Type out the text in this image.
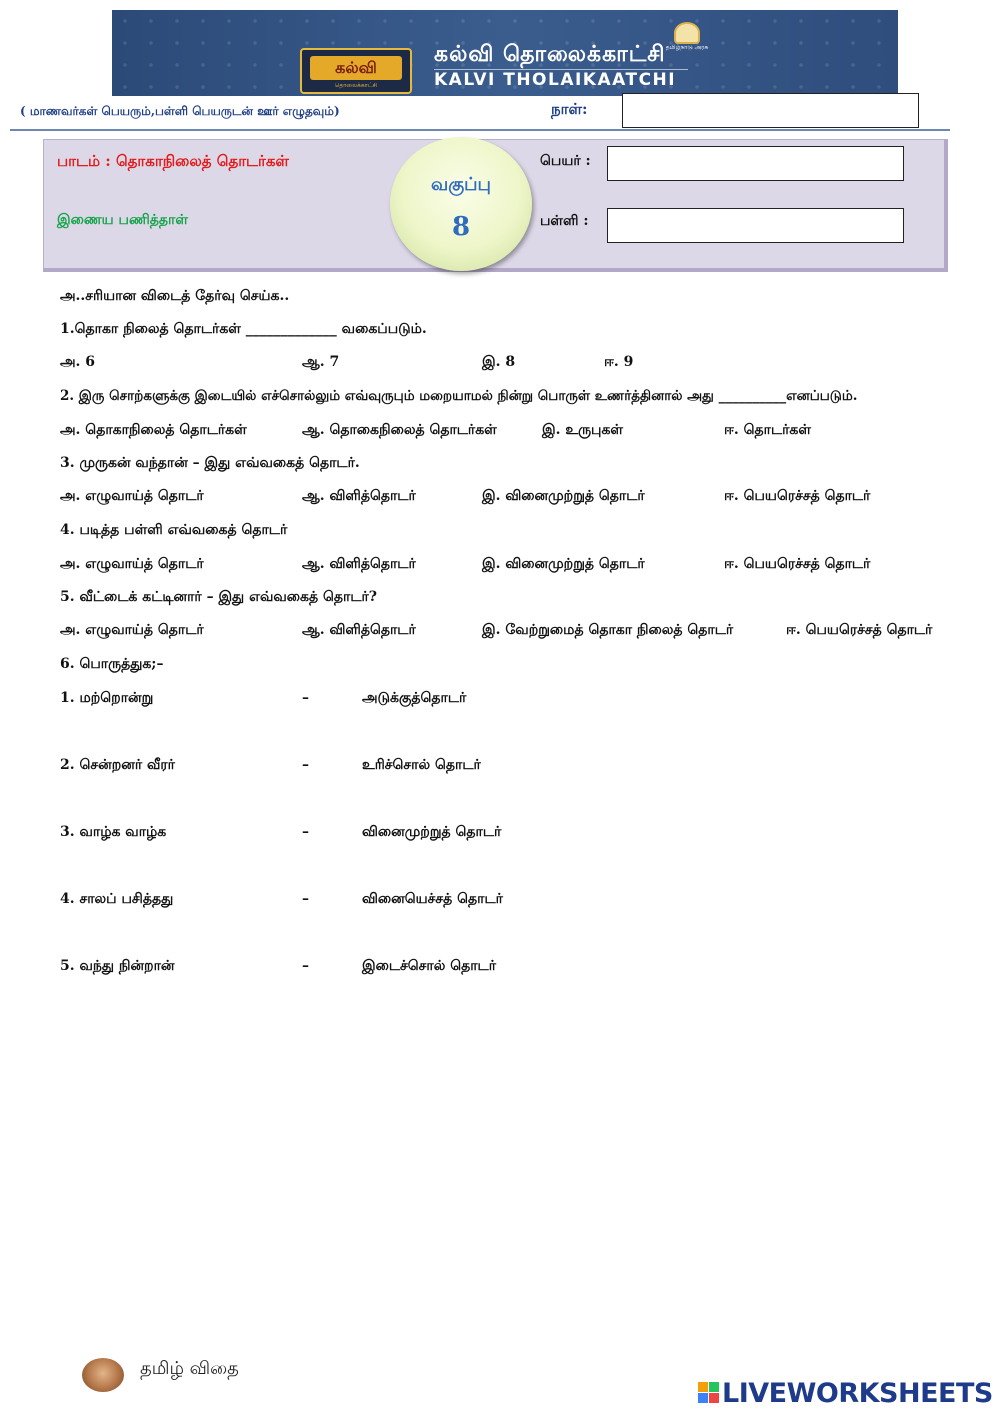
தமிழ்நாடு அரசு
கல்வி
தொலைக்காட்சி
கல்வி தொலைக்காட்சி
KALVI THOLAIKAATCHI
( மாணவர்கள் பெயரும்,பள்ளி பெயருடன் ஊர் எழுதவும்)	நாள்:
பாடம் : தொகாநிலைத் தொடர்கள்
இணைய பணித்தாள்
வகுப்பு
8
பெயர் :
பள்ளி :
அ..சரியான விடைத் தேர்வு செய்க..
1.தொகா நிலைத் தொடர்கள் _____________ வகைப்படும்.
அ. 6	ஆ. 7	இ. 8	ஈ. 9
2. இரு சொற்களுக்கு இடையில் எச்சொல்லும் எவ்வுருபும் மறையாமல் நின்று பொருள் உணர்த்தினால் அது __________எனப்படும்.
அ. தொகாநிலைத் தொடர்கள்	ஆ. தொகைநிலைத் தொடர்கள்	இ. உருபுகள்	ஈ. தொடர்கள்
3. முருகன் வந்தான் – இது எவ்வகைத் தொடர்.
அ. எழுவாய்த் தொடர்	ஆ. விளித்தொடர்	இ. வினைமுற்றுத் தொடர்	ஈ. பெயரெச்சத் தொடர்
4. படித்த பள்ளி எவ்வகைத் தொடர்
அ. எழுவாய்த் தொடர்	ஆ. விளித்தொடர்	இ. வினைமுற்றுத் தொடர்	ஈ. பெயரெச்சத் தொடர்
5. வீட்டைக் கட்டினார் – இது எவ்வகைத் தொடர்?
அ. எழுவாய்த் தொடர்	ஆ. விளித்தொடர்	இ. வேற்றுமைத் தொகா நிலைத் தொடர்	ஈ. பெயரெச்சத் தொடர்
6. பொருத்துக;–
1. மற்றொன்று	–	அடுக்குத்தொடர்
2. சென்றனர் வீரர்	–	உரிச்சொல் தொடர்
3. வாழ்க வாழ்க	–	வினைமுற்றுத் தொடர்
4. சாலப் பசித்தது	–	வினையெச்சத் தொடர்
5. வந்து நின்றான்	–	இடைச்சொல் தொடர்
தமிழ் விதை
LIVEWORKSHEETS
